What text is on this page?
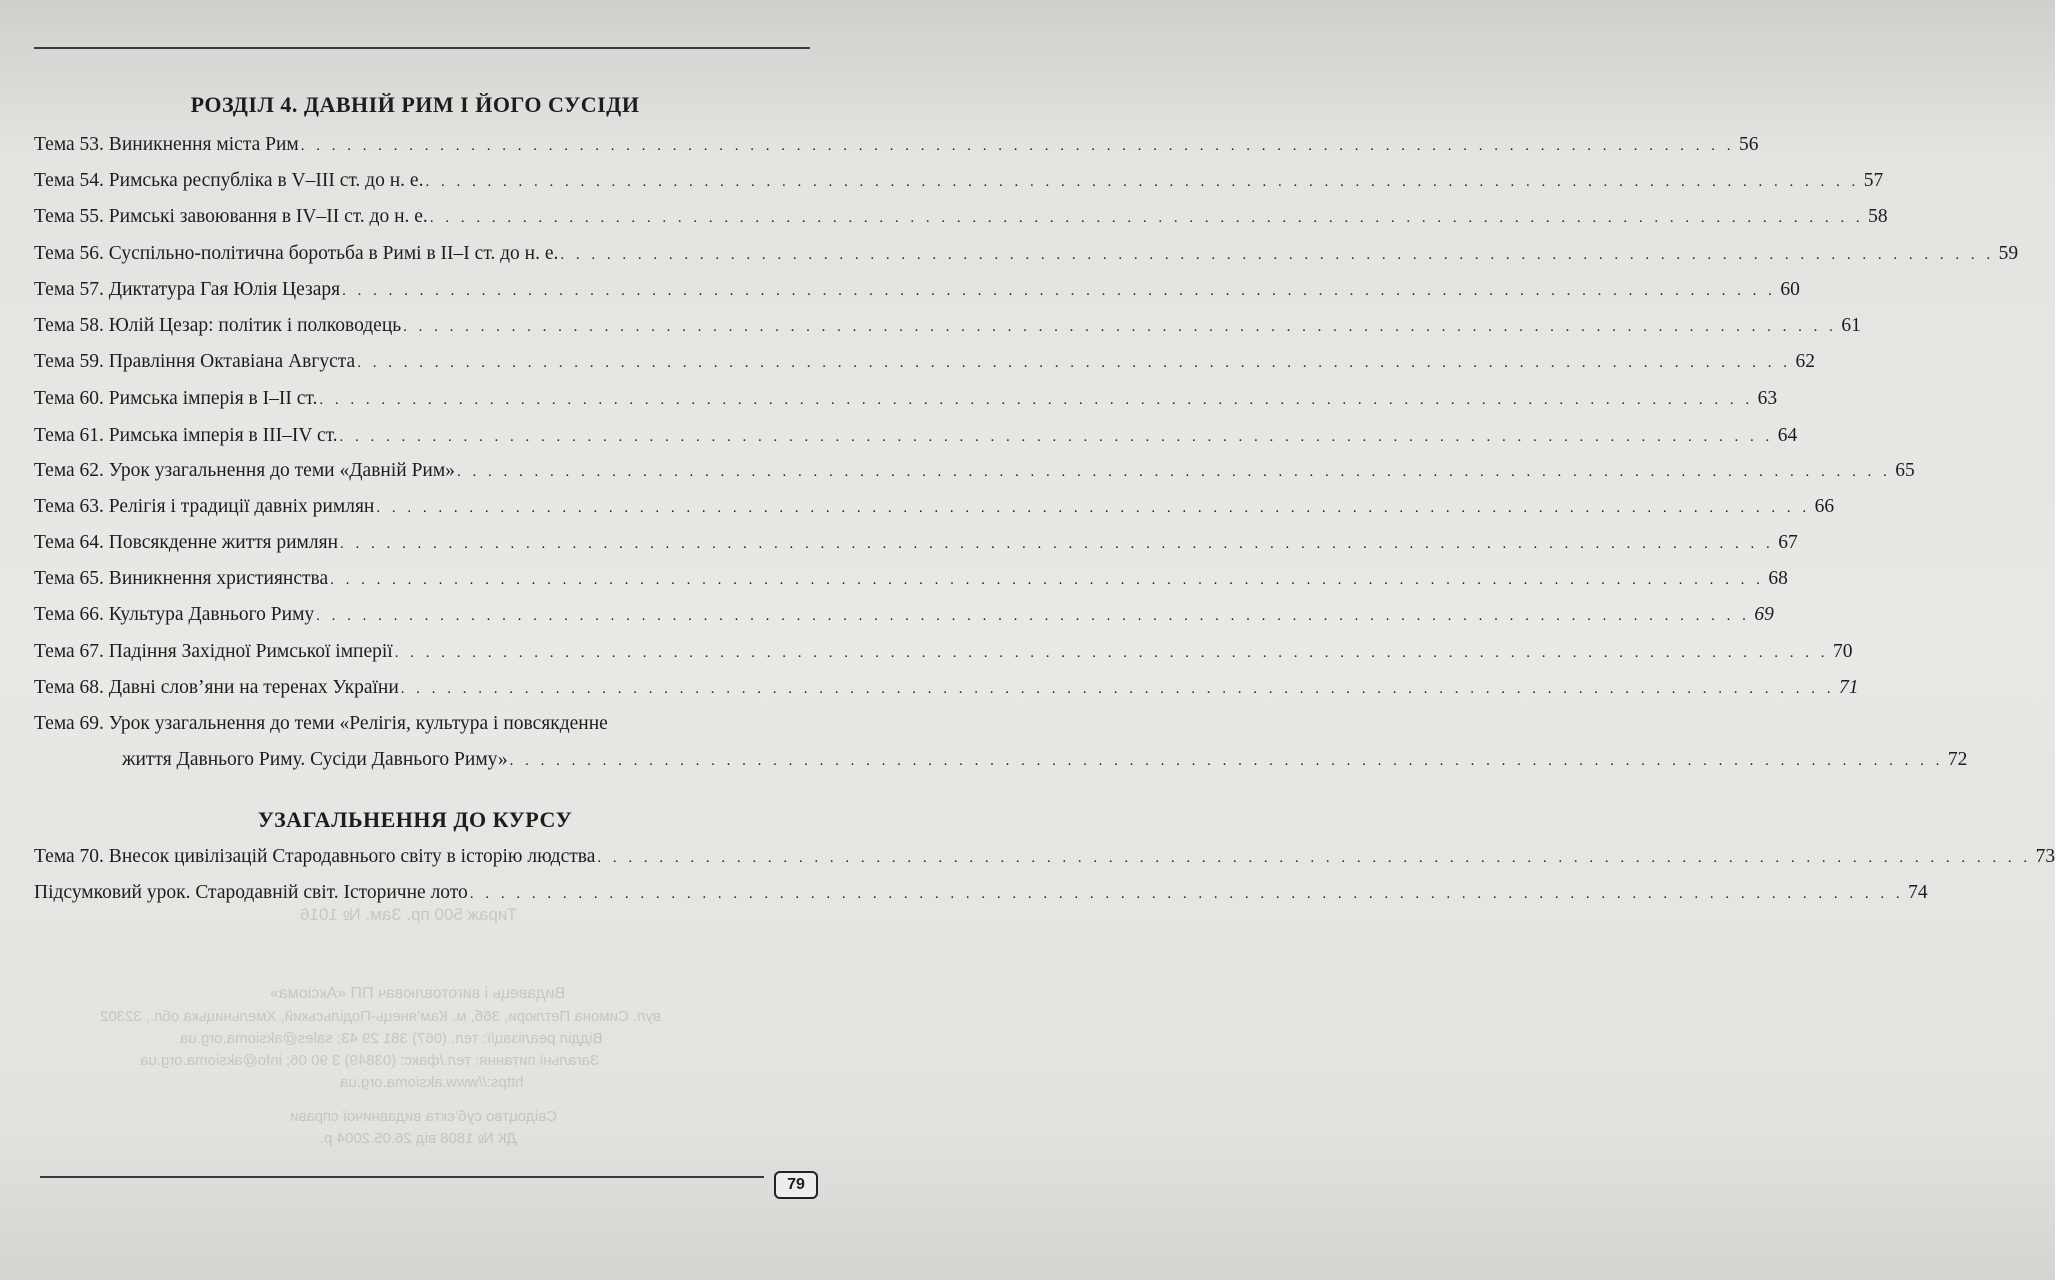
Тираж 500 пр. Зам. № 1016
Видавець і виготовлювач ПП «Аксіома»
вул. Симона Петлюри, 36б, м. Кам’янець-Подільський, Хмельницька обл., 32302
Відділ реалізації: тел. (067) 381 29 43; sales@aksioma.org.ua
Загальні питання: тел./факс: (03849) 3 90 06; info@aksioma.org.ua
https://www.aksioma.org.ua
Свідоцтво суб’єкта видавничої справи
ДК № 1808 від 26.05.2004 р.
РОЗДІЛ 4. ДАВНІЙ РИМ І ЙОГО СУСІДИ
Тема 53. Виникнення міста Рим . . .	56
Тема 54. Римська республіка в V–ІІІ ст. до н. е. . . .	57
Тема 55. Римські завоювання в ІV–ІІ ст. до н. е. . . .	58
Тема 56. Суспільно-політична боротьба в Римі в ІІ–І ст. до н. е. . . .	59
Тема 57. Диктатура Гая Юлія Цезаря . . .	60
Тема 58. Юлій Цезар: політик і полководець . . .	61
Тема 59. Правління Октавіана Августа . . .	62
Тема 60. Римська імперія в І–ІІ ст. . . .	63
Тема 61. Римська імперія в ІІІ–ІV ст. . . .	64
Тема 62. Урок узагальнення до теми «Давній Рим» . . .	65
Тема 63. Релігія і традиції давніх римлян . . .	66
Тема 64. Повсякденне життя римлян . . .	67
Тема 65. Виникнення християнства . . .	68
Тема 66. Культура Давнього Риму . . .	69
Тема 67. Падіння Західної Римської імперії . . .	70
Тема 68. Давні слов’яни на теренах України . . .	71
Тема 69. Урок узагальнення до теми «Релігія, культура і повсякденне
життя Давнього Риму. Сусіди Давнього Риму» . . .	72
УЗАГАЛЬНЕННЯ ДО КУРСУ
Тема 70. Внесок цивілізацій Стародавнього світу в історію людства . . .	73
Підсумковий урок. Стародавній світ. Історичне лото . . .	74
79
